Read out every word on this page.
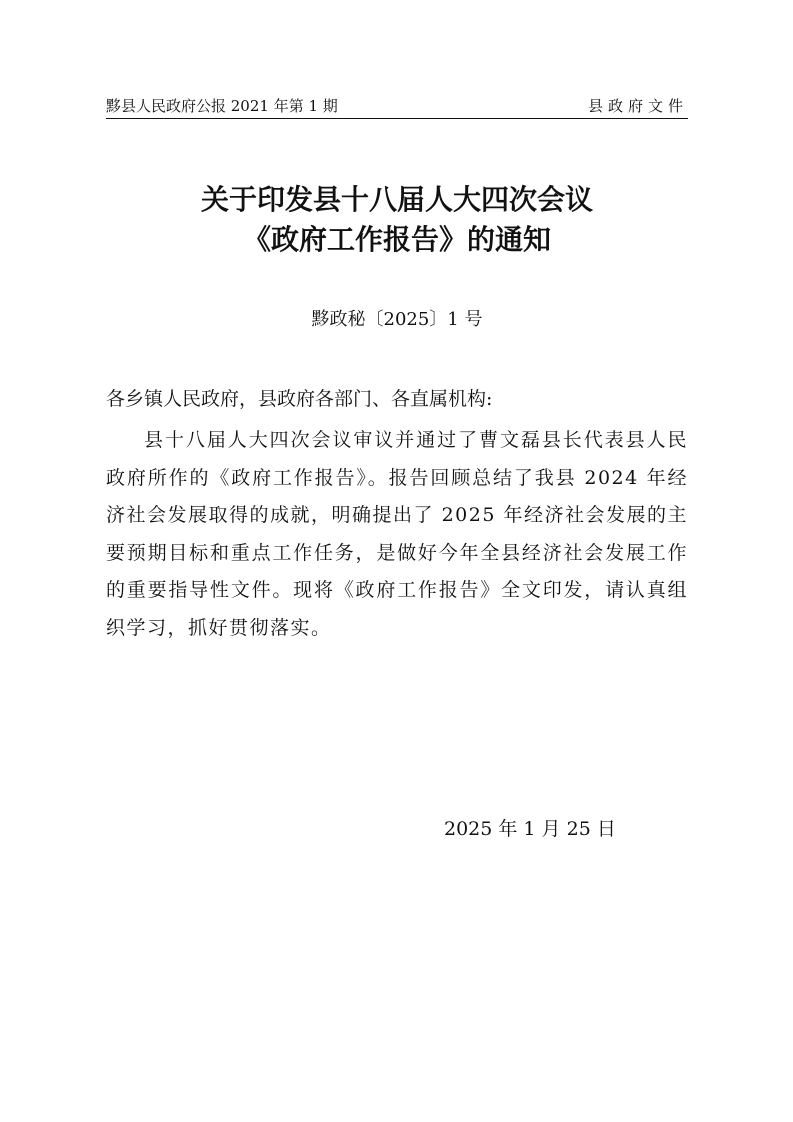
黟县人民政府公报 2021 年第 1 期	县政府文件
关于印发县十八届人大四次会议
《政府工作报告》的通知
黟政秘〔2025〕1 号
各乡镇人民政府，县政府各部门、各直属机构:

县十八届人大四次会议审议并通过了曹文磊县长代表县人民政府所作的《政府工作报告》。报告回顾总结了我县 2024 年经济社会发展取得的成就，明确提出了 2025 年经济社会发展的主要预期目标和重点工作任务，是做好今年全县经济社会发展工作的重要指导性文件。现将《政府工作报告》全文印发，请认真组织学习，抓好贯彻落实。

2025 年 1 月 25 日
